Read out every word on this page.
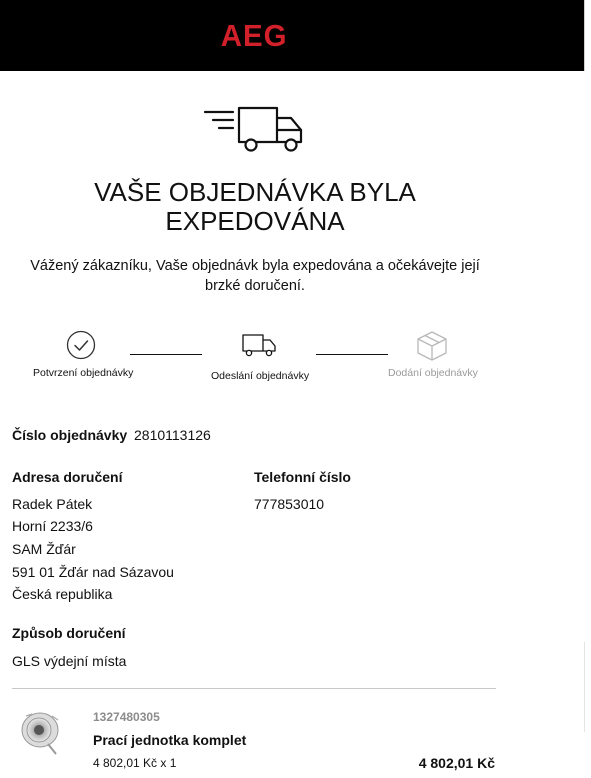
AEG
VAŠE OBJEDNÁVKA BYLA
EXPEDOVÁNA
Vážený zákazníku, Vaše objednávk byla expedována a očekávejte její
brzké doručení.
Potvrzení objednávky	Odeslání objednávky	Dodání objednávky
Číslo objednávky 2810113126
Adresa doručení
Radek Pátek
Horní 2233/6
SAM Žďár
591 01 Žďár nad Sázavou
Česká republika
Telefonní číslo
777853010
Způsob doručení
GLS výdejní místa
1327480305
Prací jednotka komplet
4 802,01 Kč x 1	4 802,01 Kč
